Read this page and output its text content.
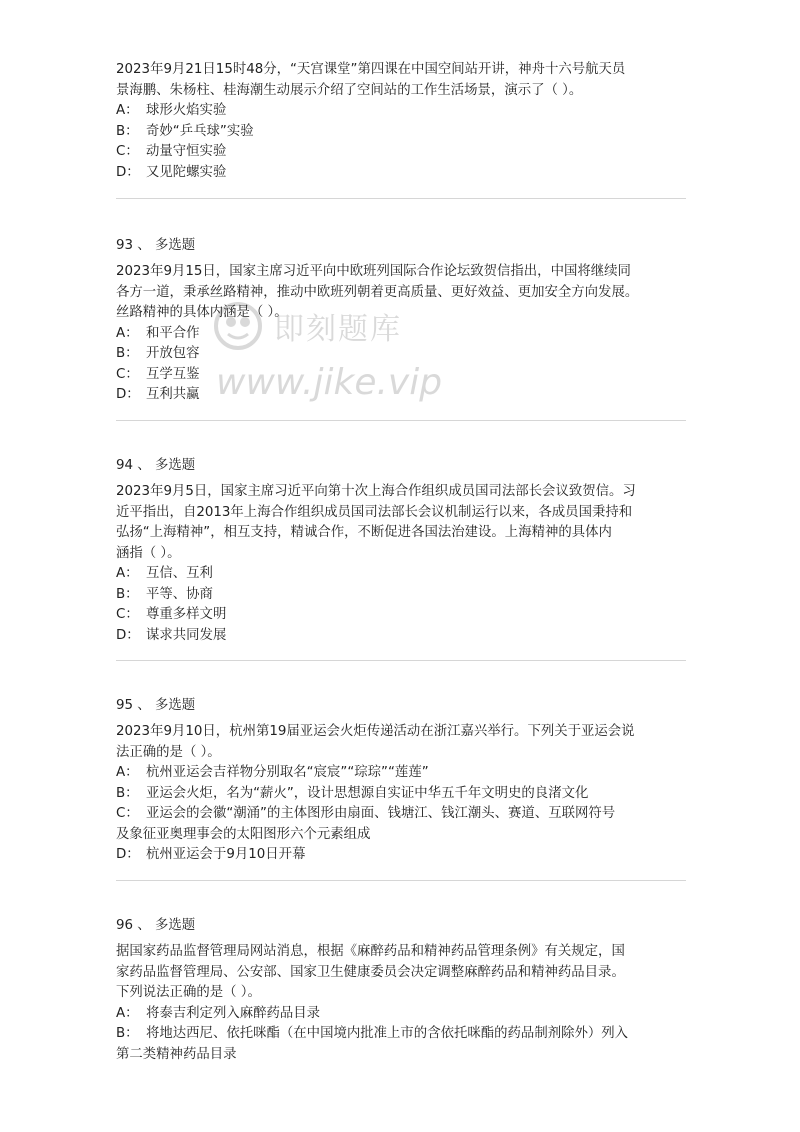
2023年9月21日15时48分，“天宫课堂”第四课在中国空间站开讲，神舟十六号航天员
景海鹏、朱杨柱、桂海潮生动展示介绍了空间站的工作生活场景，演示了（ ）。
A： 球形火焰实验
B： 奇妙“乒乓球”实验
C： 动量守恒实验
D： 又见陀螺实验
93 、 多选题
2023年9月15日，国家主席习近平向中欧班列国际合作论坛致贺信指出，中国将继续同
各方一道，秉承丝路精神，推动中欧班列朝着更高质量、更好效益、更加安全方向发展。
丝路精神的具体内涵是（ ）。
A： 和平合作
B： 开放包容
C： 互学互鉴
D： 互利共赢
94 、 多选题
2023年9月5日，国家主席习近平向第十次上海合作组织成员国司法部长会议致贺信。习
近平指出，自2013年上海合作组织成员国司法部长会议机制运行以来，各成员国秉持和
弘扬“上海精神”，相互支持，精诚合作，不断促进各国法治建设。上海精神的具体内
涵指（ ）。
A： 互信、互利
B： 平等、协商
C： 尊重多样文明
D： 谋求共同发展
95 、 多选题
2023年9月10日，杭州第19届亚运会火炬传递活动在浙江嘉兴举行。下列关于亚运会说
法正确的是（ ）。
A： 杭州亚运会吉祥物分别取名“宸宸”“琮琮”“莲莲”
B： 亚运会火炬，名为“薪火”，设计思想源自实证中华五千年文明史的良渚文化
C： 亚运会的会徽“潮涌”的主体图形由扇面、钱塘江、钱江潮头、赛道、互联网符号
及象征亚奥理事会的太阳图形六个元素组成
D： 杭州亚运会于9月10日开幕
96 、 多选题
据国家药品监督管理局网站消息，根据《麻醉药品和精神药品管理条例》有关规定，国
家药品监督管理局、公安部、国家卫生健康委员会决定调整麻醉药品和精神药品目录。
下列说法正确的是（ ）。
A： 将泰吉利定列入麻醉药品目录
B： 将地达西尼、依托咪酯（在中国境内批准上市的含依托咪酯的药品制剂除外）列入
第二类精神药品目录
即刻题库
www.jike.vip
